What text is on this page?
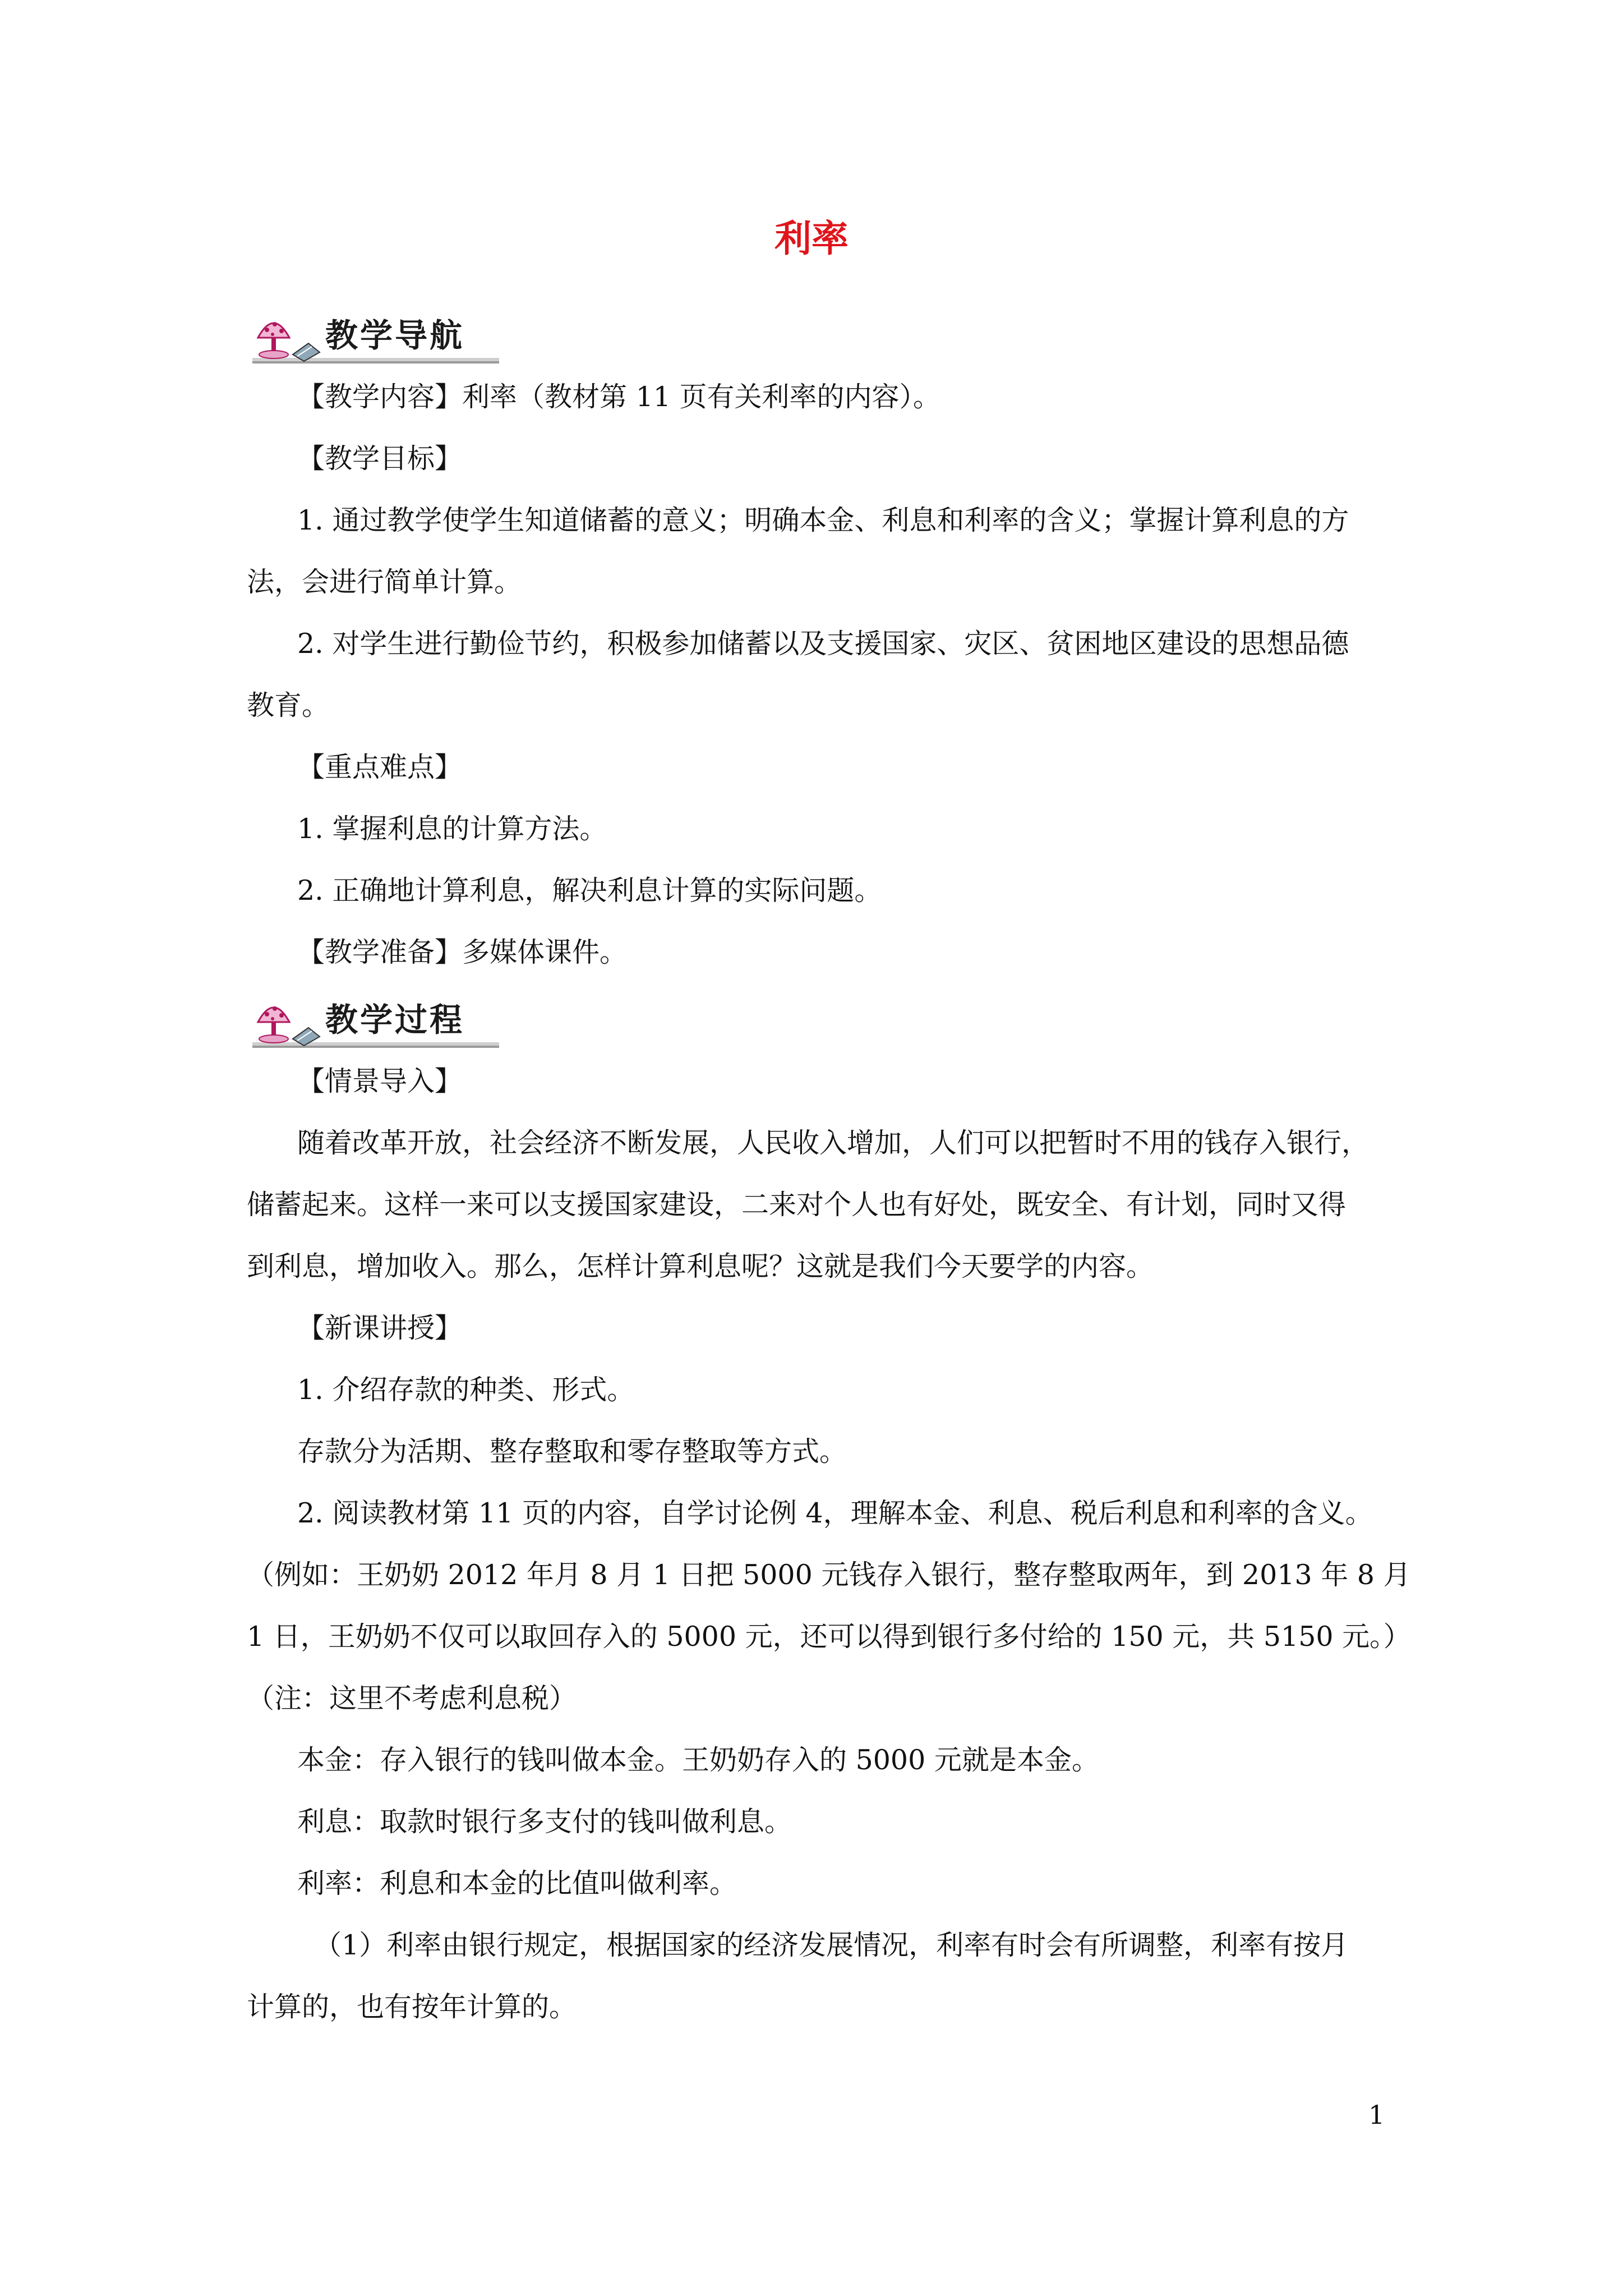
利率
教学导航
【教学内容】利率（教材第 11 页有关利率的内容）。
【教学目标】
1. 通过教学使学生知道储蓄的意义；明确本金、利息和利率的含义；掌握计算利息的方
法，会进行简单计算。
2. 对学生进行勤俭节约，积极参加储蓄以及支援国家、灾区、贫困地区建设的思想品德
教育。
【重点难点】
1. 掌握利息的计算方法。
2. 正确地计算利息，解决利息计算的实际问题。
【教学准备】多媒体课件。
教学过程
【情景导入】
随着改革开放，社会经济不断发展，人民收入增加，人们可以把暂时不用的钱存入银行，
储蓄起来。这样一来可以支援国家建设，二来对个人也有好处，既安全、有计划，同时又得
到利息，增加收入。那么，怎样计算利息呢？这就是我们今天要学的内容。
【新课讲授】
1. 介绍存款的种类、形式。
存款分为活期、整存整取和零存整取等方式。
2. 阅读教材第 11 页的内容，自学讨论例 4，理解本金、利息、税后利息和利率的含义。
（例如：王奶奶 2012 年月 8 月 1 日把 5000 元钱存入银行，整存整取两年，到 2013 年 8 月
1 日，王奶奶不仅可以取回存入的 5000 元，还可以得到银行多付给的 150 元，共 5150 元。）
（注：这里不考虑利息税）
本金：存入银行的钱叫做本金。王奶奶存入的 5000 元就是本金。
利息：取款时银行多支付的钱叫做利息。
利率：利息和本金的比值叫做利率。
（1）利率由银行规定，根据国家的经济发展情况，利率有时会有所调整，利率有按月
计算的，也有按年计算的。
1
